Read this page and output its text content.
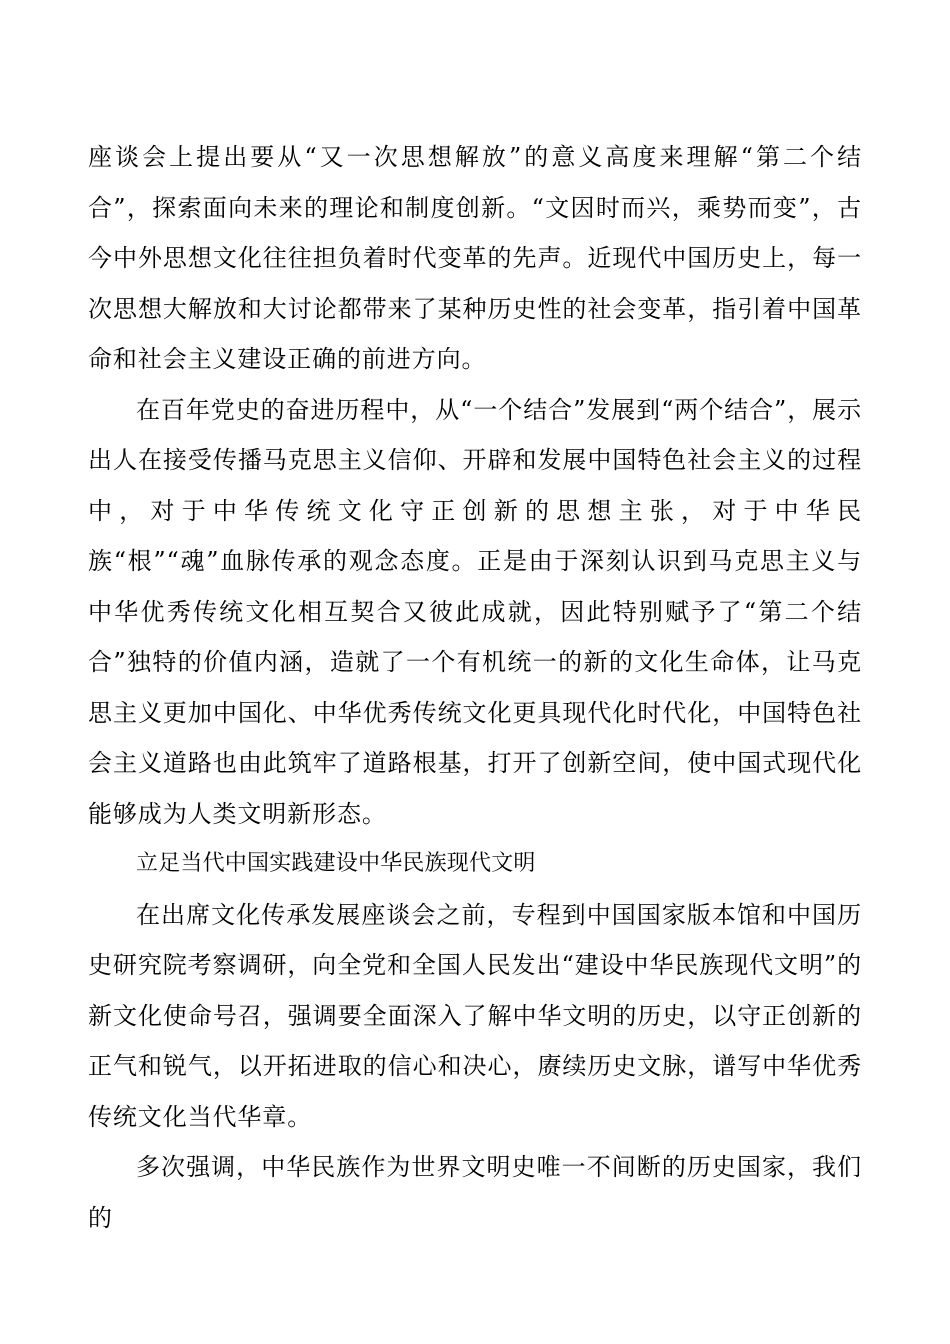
座谈会上提出要从“又一次思想解放”的意义高度来理解“第二个结合”，探索面向未来的理论和制度创新。“文因时而兴，乘势而变”，古今中外思想文化往往担负着时代变革的先声。近现代中国历史上，每一次思想大解放和大讨论都带来了某种历史性的社会变革，指引着中国革命和社会主义建设正确的前进方向。

在百年党史的奋进历程中，从“一个结合”发展到“两个结合”，展示出人在接受传播马克思主义信仰、开辟和发展中国特色社会主义的过程中，对于中华传统文化守正创新的思想主张，对于中华民族“根”“魂”血脉传承的观念态度。正是由于深刻认识到马克思主义与中华优秀传统文化相互契合又彼此成就，因此特别赋予了“第二个结合”独特的价值内涵，造就了一个有机统一的新的文化生命体，让马克思主义更加中国化、中华优秀传统文化更具现代化时代化，中国特色社会主义道路也由此筑牢了道路根基，打开了创新空间，使中国式现代化能够成为人类文明新形态。

立足当代中国实践建设中华民族现代文明

在出席文化传承发展座谈会之前，专程到中国国家版本馆和中国历史研究院考察调研，向全党和全国人民发出“建设中华民族现代文明”的新文化使命号召，强调要全面深入了解中华文明的历史，以守正创新的正气和锐气，以开拓进取的信心和决心，赓续历史文脉，谱写中华优秀传统文化当代华章。

多次强调，中华民族作为世界文明史唯一不间断的历史国家，我们的
